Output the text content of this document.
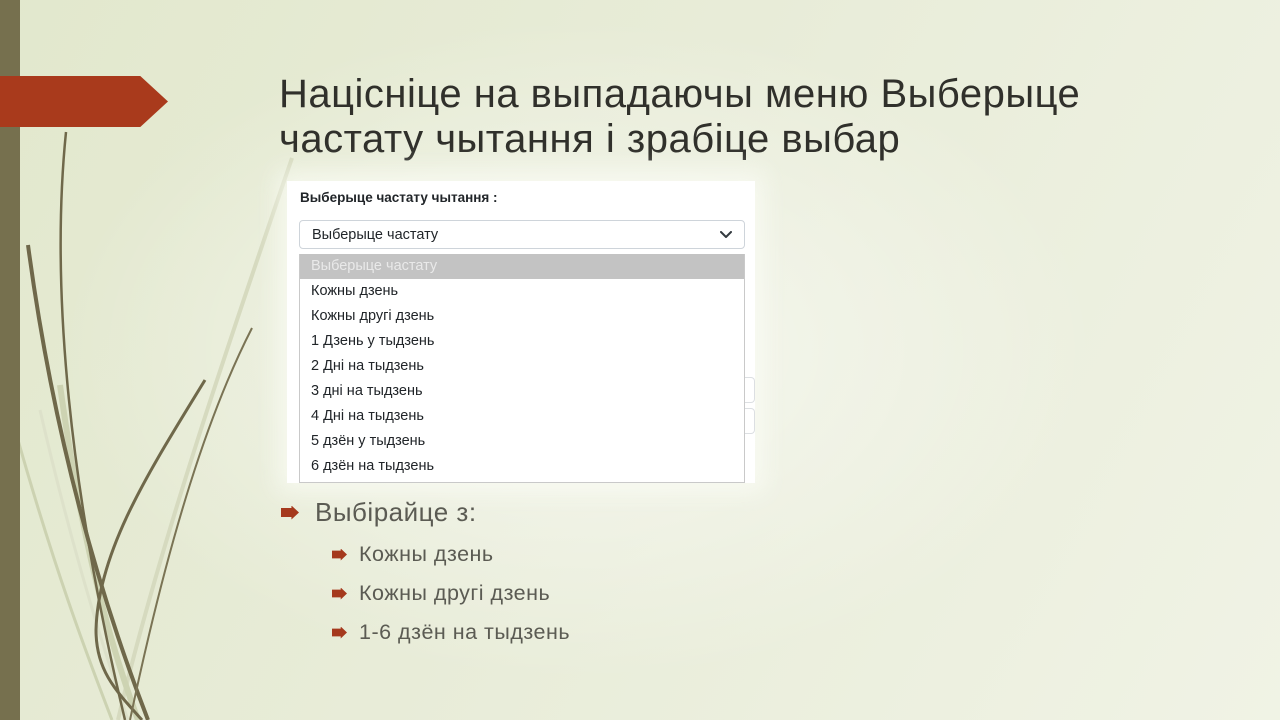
Націсніце на выпадаючы меню Выберыце
частату чытання і зрабіце выбар
Выберыце частату чытання :
Выберыце частату
Выберыце частату
Кожны дзень
Кожны другі дзень
1 Дзень у тыдзень
2 Дні на тыдзень
3 дні на тыдзень
4 Дні на тыдзень
5 дзён у тыдзень
6 дзён на тыдзень
Выбірайце з:
Кожны дзень
Кожны другі дзень
1-6 дзён на тыдзень
